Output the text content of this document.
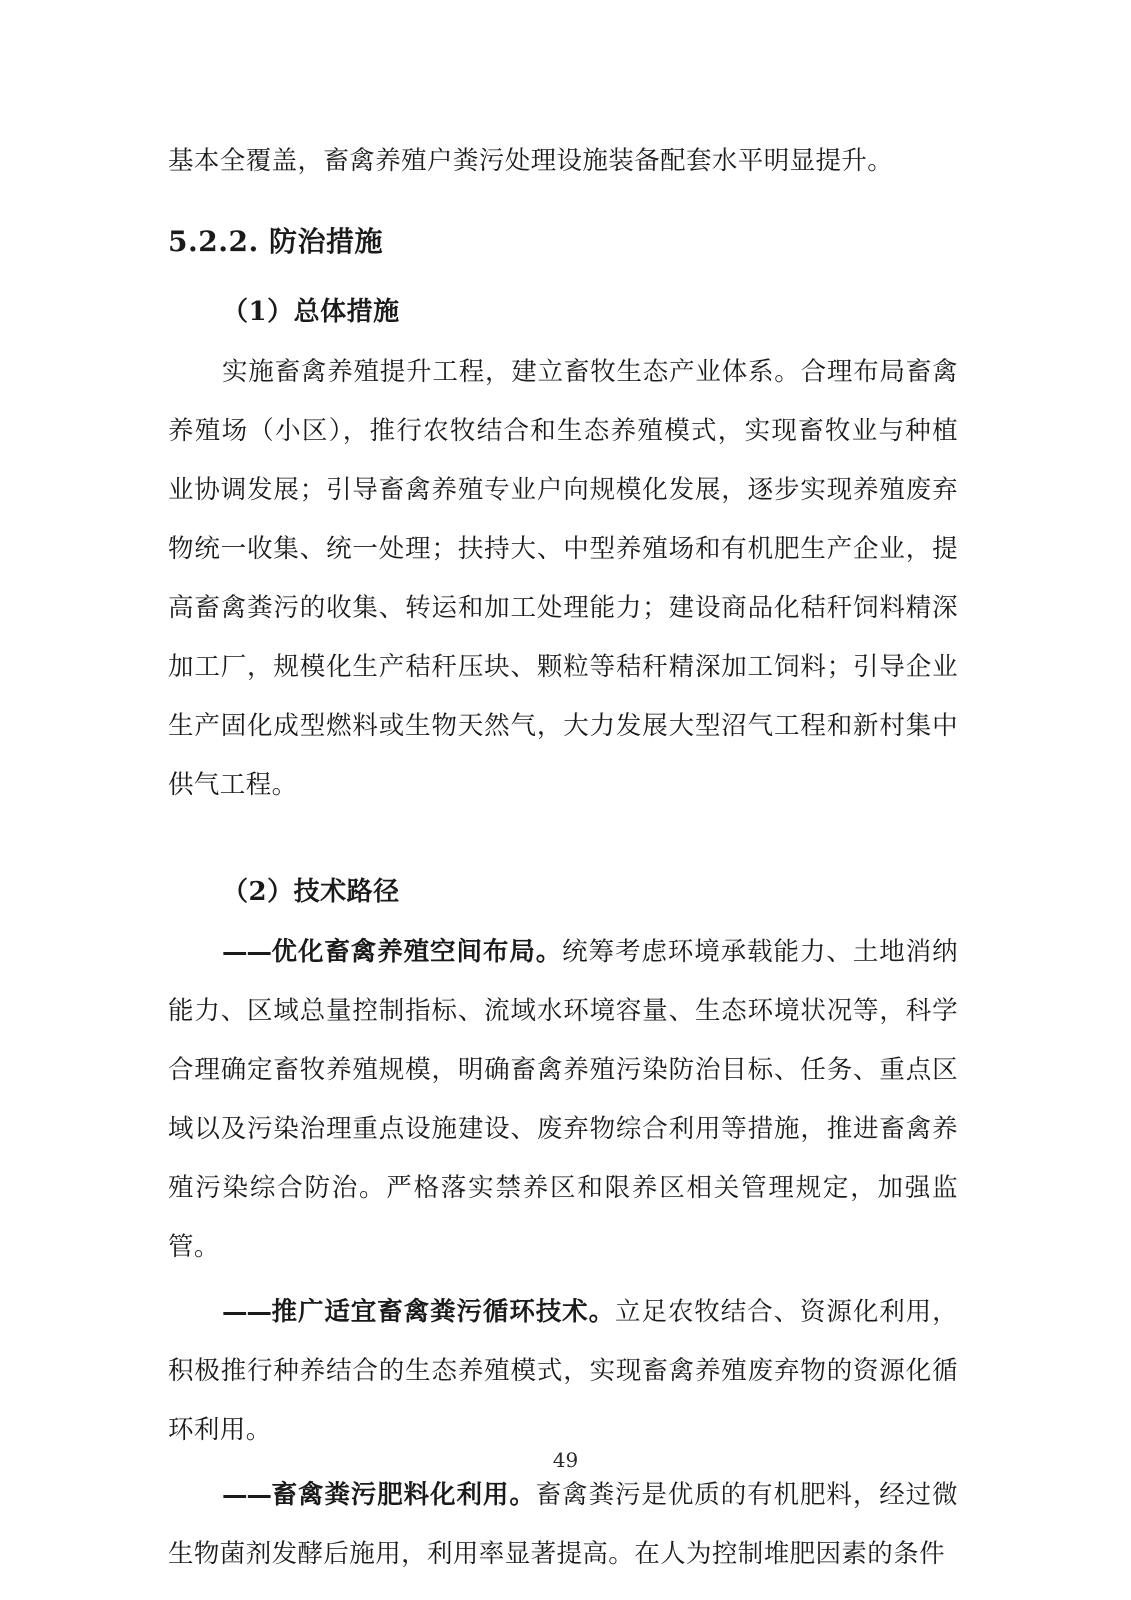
基本全覆盖，畜禽养殖户粪污处理设施装备配套水平明显提升。

5.2.2. 防治措施
（1）总体措施

实施畜禽养殖提升工程，建立畜牧生态产业体系。合理布局畜禽养殖场（小区），推行农牧结合和生态养殖模式，实现畜牧业与种植业协调发展；引导畜禽养殖专业户向规模化发展，逐步实现养殖废弃物统一收集、统一处理；扶持大、中型养殖场和有机肥生产企业，提高畜禽粪污的收集、转运和加工处理能力；建设商品化秸秆饲料精深加工厂，规模化生产秸秆压块、颗粒等秸秆精深加工饲料；引导企业生产固化成型燃料或生物天然气，大力发展大型沼气工程和新村集中供气工程。

（2）技术路径

——优化畜禽养殖空间布局。统筹考虑环境承载能力、土地消纳能力、区域总量控制指标、流域水环境容量、生态环境状况等，科学合理确定畜牧养殖规模，明确畜禽养殖污染防治目标、任务、重点区域以及污染治理重点设施建设、废弃物综合利用等措施，推进畜禽养殖污染综合防治。严格落实禁养区和限养区相关管理规定，加强监管。

——推广适宜畜禽粪污循环技术。立足农牧结合、资源化利用，积极推行种养结合的生态养殖模式，实现畜禽养殖废弃物的资源化循环利用。

——畜禽粪污肥料化利用。畜禽粪污是优质的有机肥料，经过微生物菌剂发酵后施用，利用率显著提高。在人为控制堆肥因素的条件

49
